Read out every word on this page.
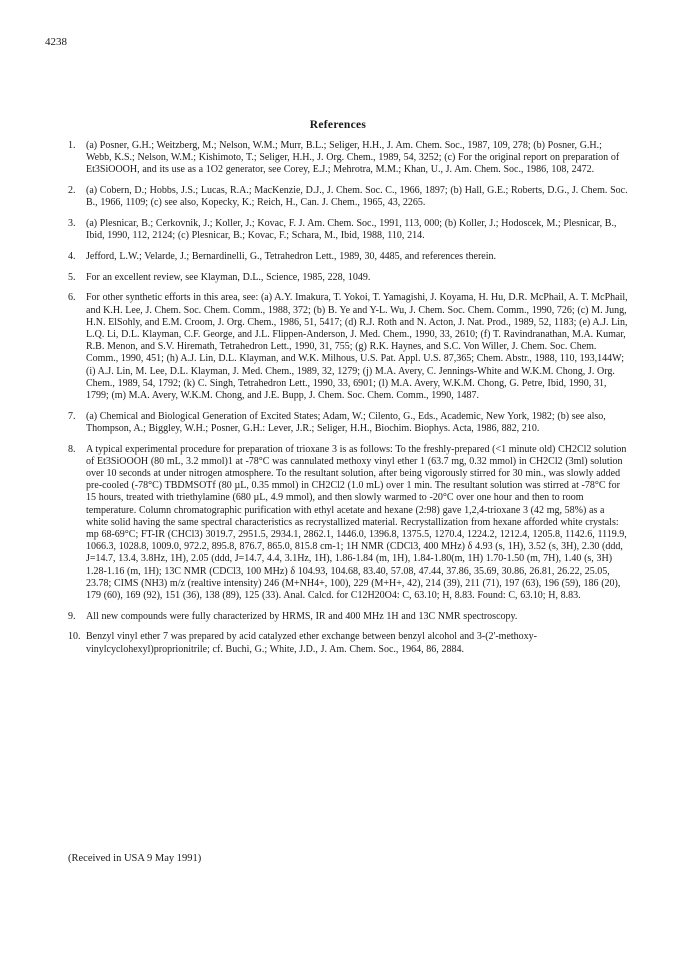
4238
References
1.	(a) Posner, G.H.; Weitzberg, M.; Nelson, W.M.; Murr, B.L.; Seliger, H.H., J. Am. Chem. Soc., 1987, 109, 278; (b) Posner, G.H.; Webb, K.S.; Nelson, W.M.; Kishimoto, T.; Seliger, H.H., J. Org. Chem., 1989, 54, 3252; (c) For the original report on preparation of Et3SiOOOH, and its use as a 1O2 generator, see Corey, E.J.; Mehrotra, M.M.; Khan, U., J. Am. Chem. Soc., 1986, 108, 2472.
2.	(a) Cobern, D.; Hobbs, J.S.; Lucas, R.A.; MacKenzie, D.J., J. Chem. Soc. C., 1966, 1897; (b) Hall, G.E.; Roberts, D.G., J. Chem. Soc. B., 1966, 1109; (c) see also, Kopecky, K.; Reich, H., Can. J. Chem., 1965, 43, 2265.
3.	(a) Plesnicar, B.; Cerkovnik, J.; Koller, J.; Kovac, F. J. Am. Chem. Soc., 1991, 113, 000; (b) Koller, J.; Hodoscek, M.; Plesnicar, B., Ibid, 1990, 112, 2124; (c) Plesnicar, B.; Kovac, F.; Schara, M., Ibid, 1988, 110, 214.
4.	Jefford, L.W.; Velarde, J.; Bernardinelli, G., Tetrahedron Lett., 1989, 30, 4485, and references therein.
5.	For an excellent review, see Klayman, D.L., Science, 1985, 228, 1049.
6.	For other synthetic efforts in this area, see: (a) A.Y. Imakura, T. Yokoi, T. Yamagishi, J. Koyama, H. Hu, D.R. McPhail, A. T. McPhail, and K.H. Lee, J. Chem. Soc. Chem. Comm., 1988, 372; (b) B. Ye and Y-L. Wu, J. Chem. Soc. Chem. Comm., 1990, 726; (c) M. Jung, H.N. ElSohly, and E.M. Croom, J. Org. Chem., 1986, 51, 5417; (d) R.J. Roth and N. Acton, J. Nat. Prod., 1989, 52, 1183; (e) A.J. Lin, L.Q. Li, D.L. Klayman, C.F. George, and J.L. Flippen-Anderson, J. Med. Chem., 1990, 33, 2610; (f) T. Ravindranathan, M.A. Kumar, R.B. Menon, and S.V. Hiremath, Tetrahedron Lett., 1990, 31, 755; (g) R.K. Haynes, and S.C. Von Willer, J. Chem. Soc. Chem. Comm., 1990, 451; (h) A.J. Lin, D.L. Klayman, and W.K. Milhous, U.S. Pat. Appl. U.S. 87,365; Chem. Abstr., 1988, 110, 193,144W; (i) A.J. Lin, M. Lee, D.L. Klayman, J. Med. Chem., 1989, 32, 1279; (j) M.A. Avery, C. Jennings-White and W.K.M. Chong, J. Org. Chem., 1989, 54, 1792; (k) C. Singh, Tetrahedron Lett., 1990, 33, 6901; (l) M.A. Avery, W.K.M. Chong, G. Petre, Ibid, 1990, 31, 1799; (m) M.A. Avery, W.K.M. Chong, and J.E. Bupp, J. Chem. Soc. Chem. Comm., 1990, 1487.
7.	(a) Chemical and Biological Generation of Excited States; Adam, W.; Cilento, G., Eds., Academic, New York, 1982; (b) see also, Thompson, A.; Biggley, W.H.; Posner, G.H.: Lever, J.R.; Seliger, H.H., Biochim. Biophys. Acta, 1986, 882, 210.
8.	A typical experimental procedure for preparation of trioxane 3 is as follows: To the freshly-prepared (<1 minute old) CH2Cl2 solution of Et3SiOOOH (80 mL, 3.2 mmol)1 at -78°C was cannulated methoxy vinyl ether 1 (63.7 mg, 0.32 mmol) in CH2Cl2 (3ml) solution over 10 seconds at under nitrogen atmosphere. To the resultant solution, after being vigorously stirred for 30 min., was slowly added pre-cooled (-78°C) TBDMSOTf (80 µL, 0.35 mmol) in CH2Cl2 (1.0 mL) over 1 min. The resultant solution was stirred at -78°C for 15 hours, treated with triethylamine (680 µL, 4.9 mmol), and then slowly warmed to -20°C over one hour and then to room temperature. Column chromatographic purification with ethyl acetate and hexane (2:98) gave 1,2,4-trioxane 3 (42 mg, 58%) as a white solid having the same spectral characteristics as recrystallized material. Recrystallization from hexane afforded white crystals: mp 68-69°C; FT-IR (CHCl3) 3019.7, 2951.5, 2934.1, 2862.1, 1446.0, 1396.8, 1375.5, 1270.4, 1224.2, 1212.4, 1205.8, 1142.6, 1119.9, 1066.3, 1028.8, 1009.0, 972.2, 895.8, 876.7, 865.0, 815.8 cm-1; 1H NMR (CDCl3, 400 MHz) δ 4.93 (s, 1H), 3.52 (s, 3H), 2.30 (ddd, J=14.7, 13.4, 3.8Hz, 1H), 2.05 (ddd, J=14.7, 4.4, 3.1Hz, 1H), 1.86-1.84 (m, 1H), 1.84-1.80(m, 1H) 1.70-1.50 (m, 7H), 1.40 (s, 3H) 1.28-1.16 (m, 1H); 13C NMR (CDCl3, 100 MHz) δ 104.93, 104.68, 83.40, 57.08, 47.44, 37.86, 35.69, 30.86, 26.81, 26.22, 25.05, 23.78; CIMS (NH3) m/z (realtive intensity) 246 (M+NH4+, 100), 229 (M+H+, 42), 214 (39), 211 (71), 197 (63), 196 (59), 186 (20), 179 (60), 169 (92), 151 (36), 138 (89), 125 (33). Anal. Calcd. for C12H20O4: C, 63.10; H, 8.83. Found: C, 63.10; H, 8.83.
9.	All new compounds were fully characterized by HRMS, IR and 400 MHz 1H and 13C NMR spectroscopy.
10. Benzyl vinyl ether 7 was prepared by acid catalyzed ether exchange between benzyl alcohol and 3-(2'-methoxy-vinylcyclohexyl)proprionitrile; cf. Buchi, G.; White, J.D., J. Am. Chem. Soc., 1964, 86, 2884.
(Received in USA 9 May 1991)
